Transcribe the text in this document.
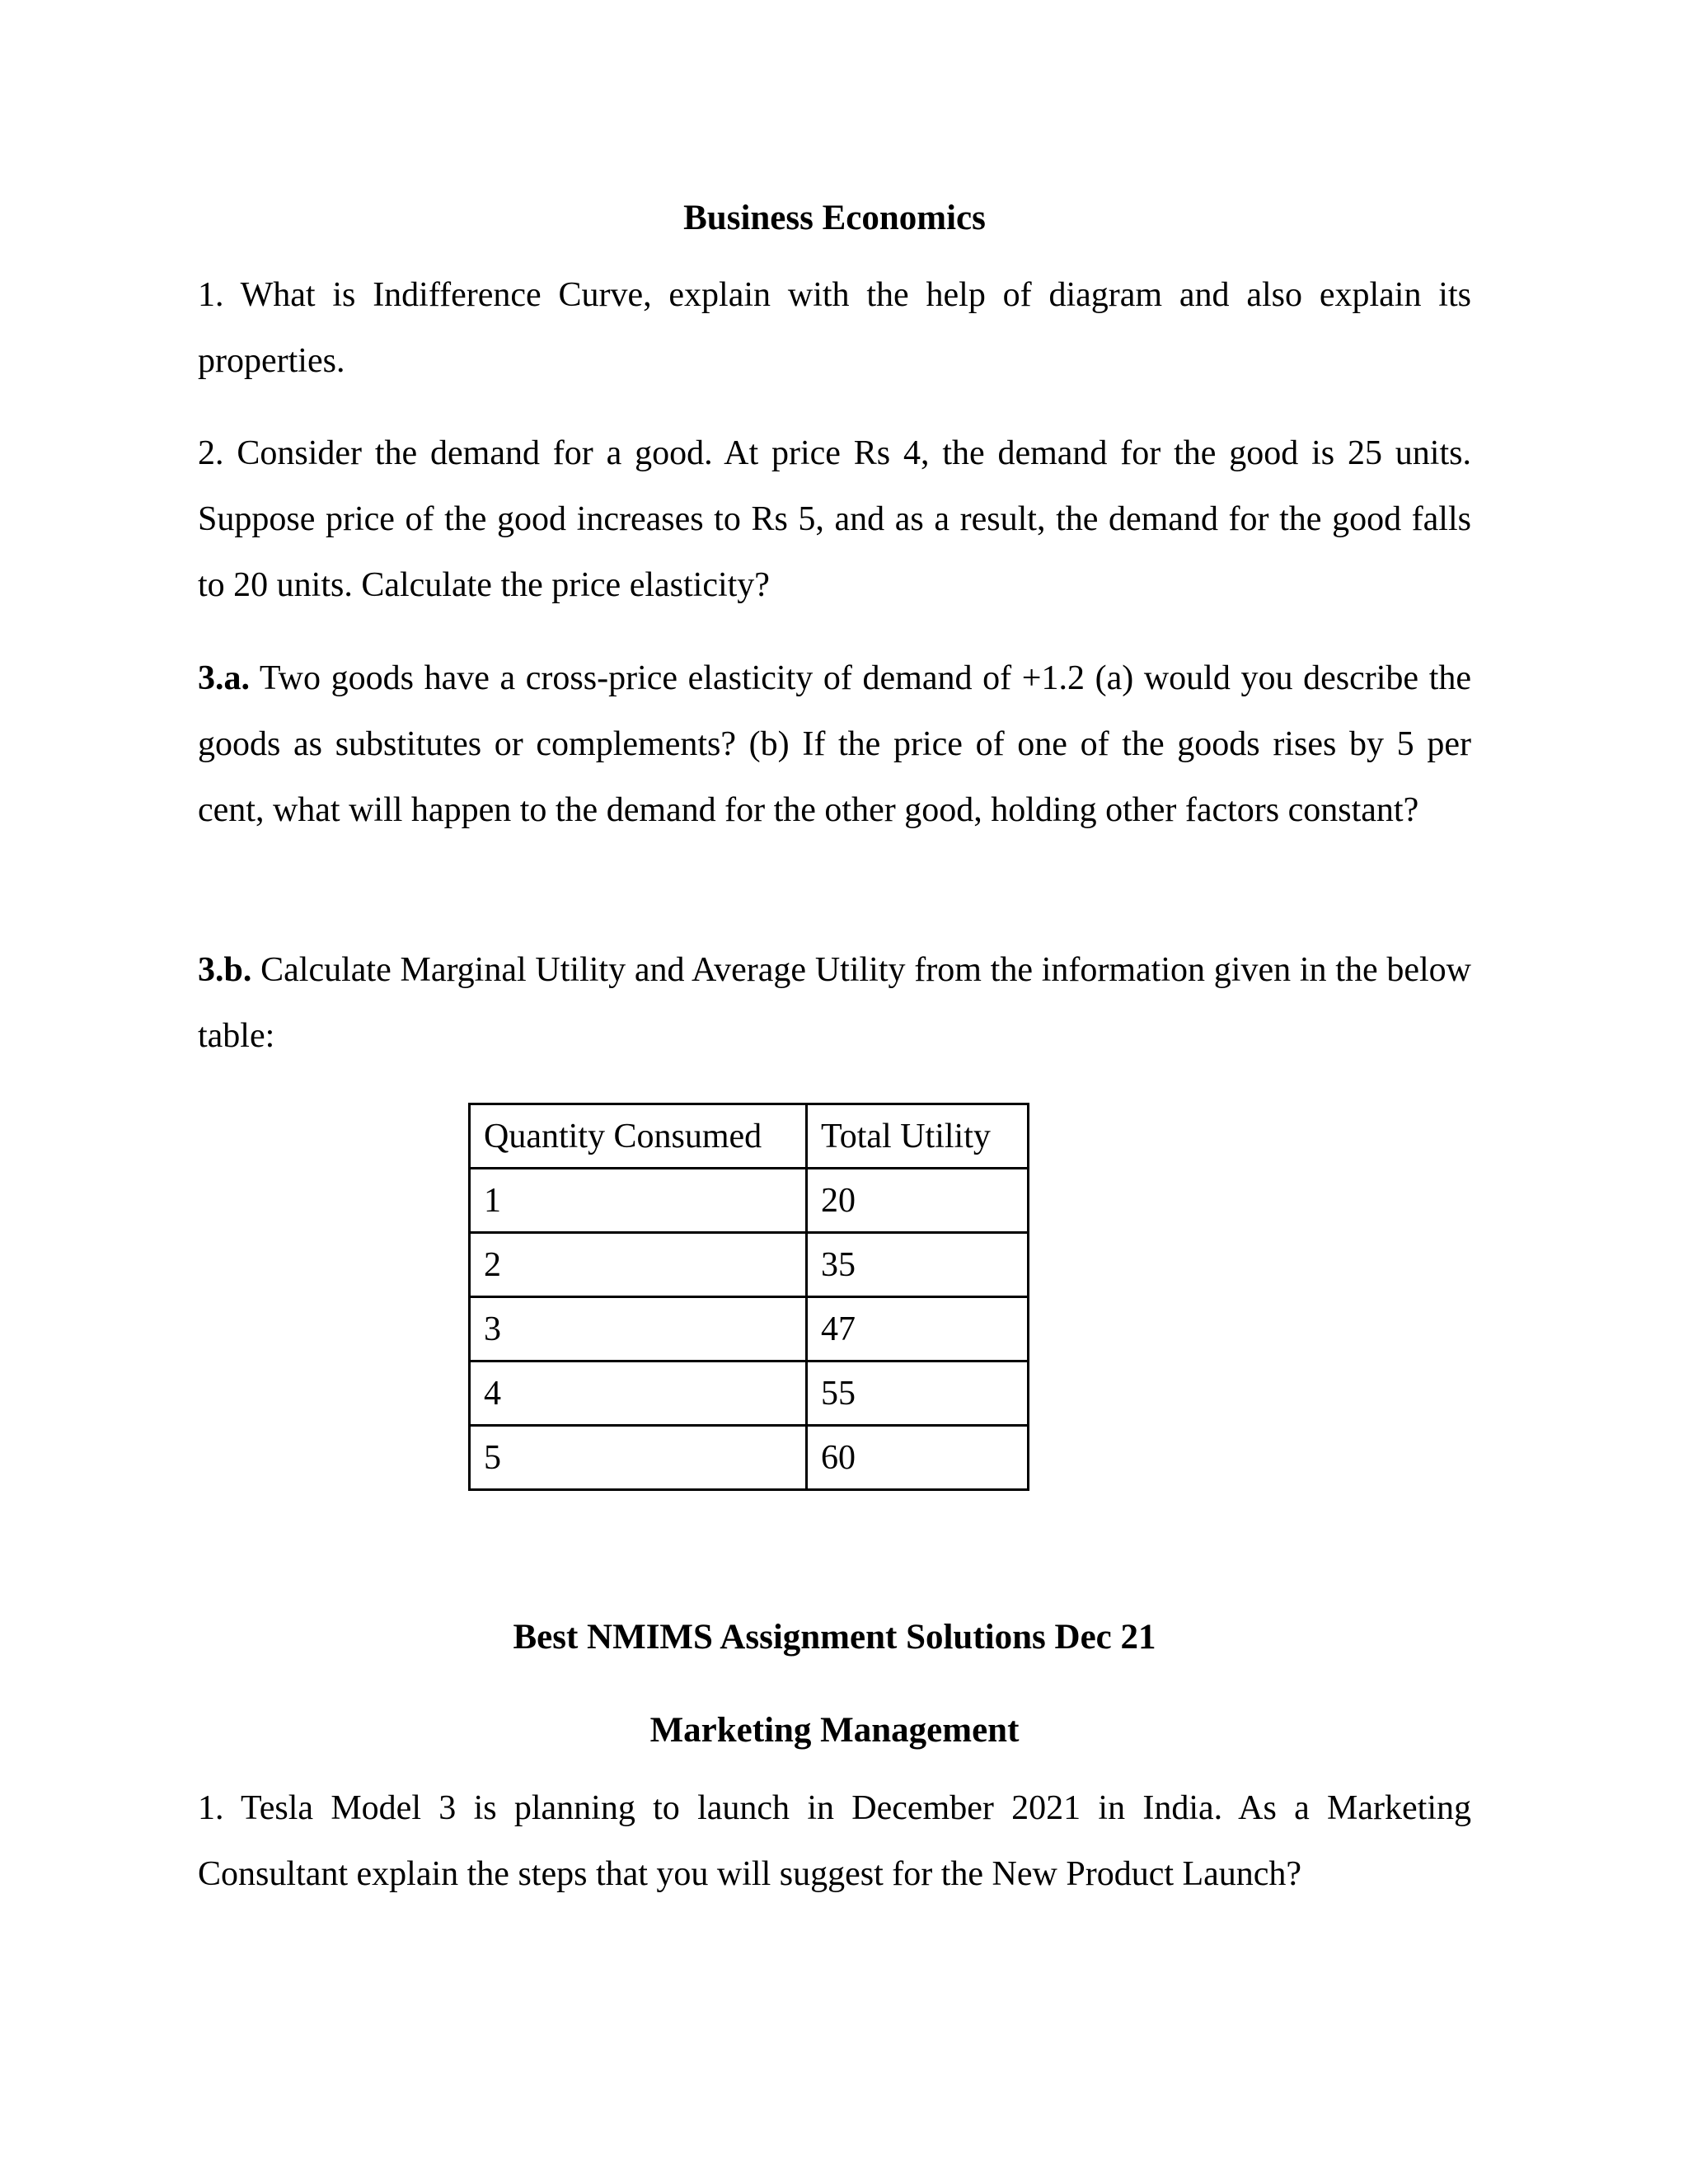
Business Economics

1. What is Indifference Curve, explain with the help of diagram and also explain its properties.

2. Consider the demand for a good. At price Rs 4, the demand for the good is 25 units. Suppose price of the good increases to Rs 5, and as a result, the demand for the good falls to 20 units. Calculate the price elasticity?

3.a. Two goods have a cross-price elasticity of demand of +1.2 (a) would you describe the goods as substitutes or complements? (b) If the price of one of the goods rises by 5 per cent, what will happen to the demand for the other good, holding other factors constant?

3.b. Calculate Marginal Utility and Average Utility from the information given in the below table:

Quantity Consumed	Total Utility
1	20
2	35
3	47
4	55
5	60
Best NMIMS Assignment Solutions Dec 21
Marketing Management

1. Tesla Model 3 is planning to launch in December 2021 in India. As a Marketing Consultant explain the steps that you will suggest for the New Product Launch?
